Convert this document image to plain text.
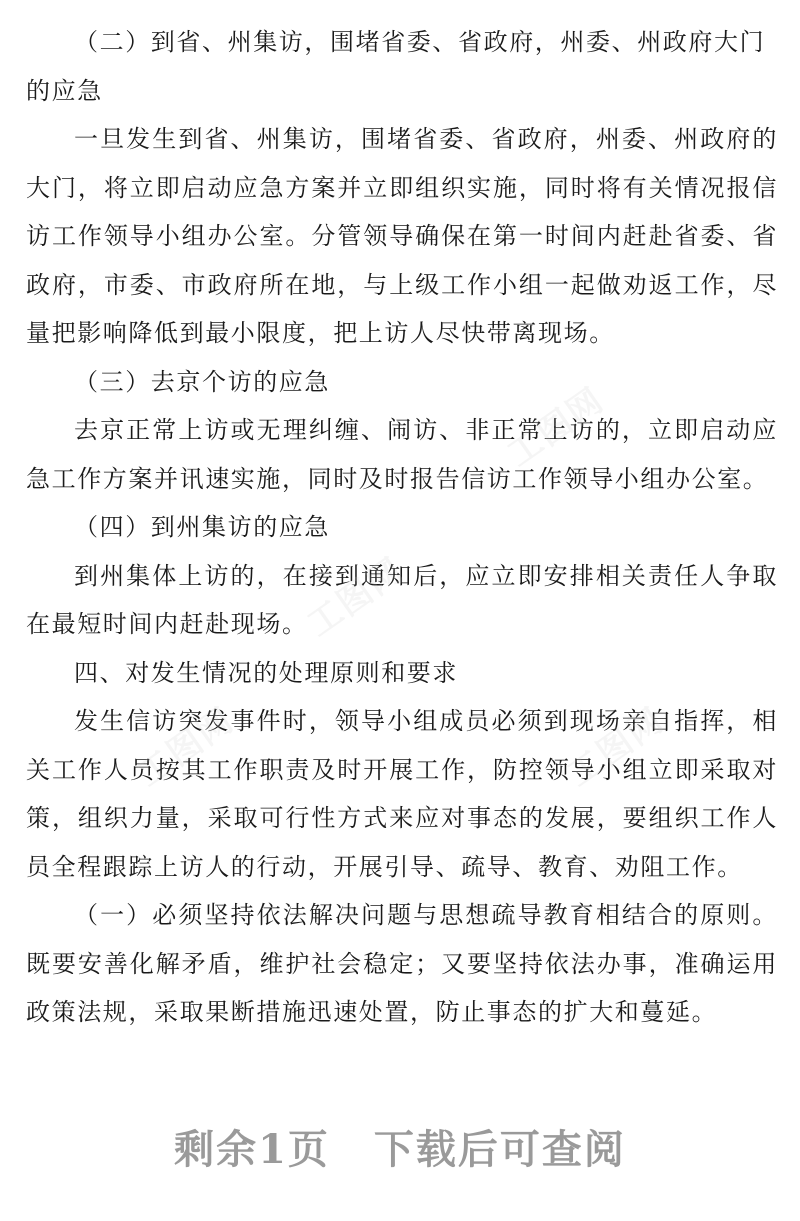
（二）到省、州集访，围堵省委、省政府，州委、州政府大门的应急

一旦发生到省、州集访，围堵省委、省政府，州委、州政府的大门，将立即启动应急方案并立即组织实施，同时将有关情况报信访工作领导小组办公室。分管领导确保在第一时间内赶赴省委、省政府，市委、市政府所在地，与上级工作小组一起做劝返工作，尽量把影响降低到最小限度，把上访人尽快带离现场。

（三）去京个访的应急

去京正常上访或无理纠缠、闹访、非正常上访的，立即启动应急工作方案并讯速实施，同时及时报告信访工作领导小组办公室。

（四）到州集访的应急

到州集体上访的，在接到通知后，应立即安排相关责任人争取在最短时间内赶赴现场。

四、对发生情况的处理原则和要求

发生信访突发事件时，领导小组成员必须到现场亲自指挥，相关工作人员按其工作职责及时开展工作，防控领导小组立即采取对策，组织力量，采取可行性方式来应对事态的发展，要组织工作人员全程跟踪上访人的行动，开展引导、疏导、教育、劝阻工作。

（一）必须坚持依法解决问题与思想疏导教育相结合的原则。既要安善化解矛盾，维护社会稳定；又要坚持依法办事，准确运用政策法规，采取果断措施迅速处置，防止事态的扩大和蔓延。

工图网
工图网
工图网	工图网
剩余1页 下载后可查阅
